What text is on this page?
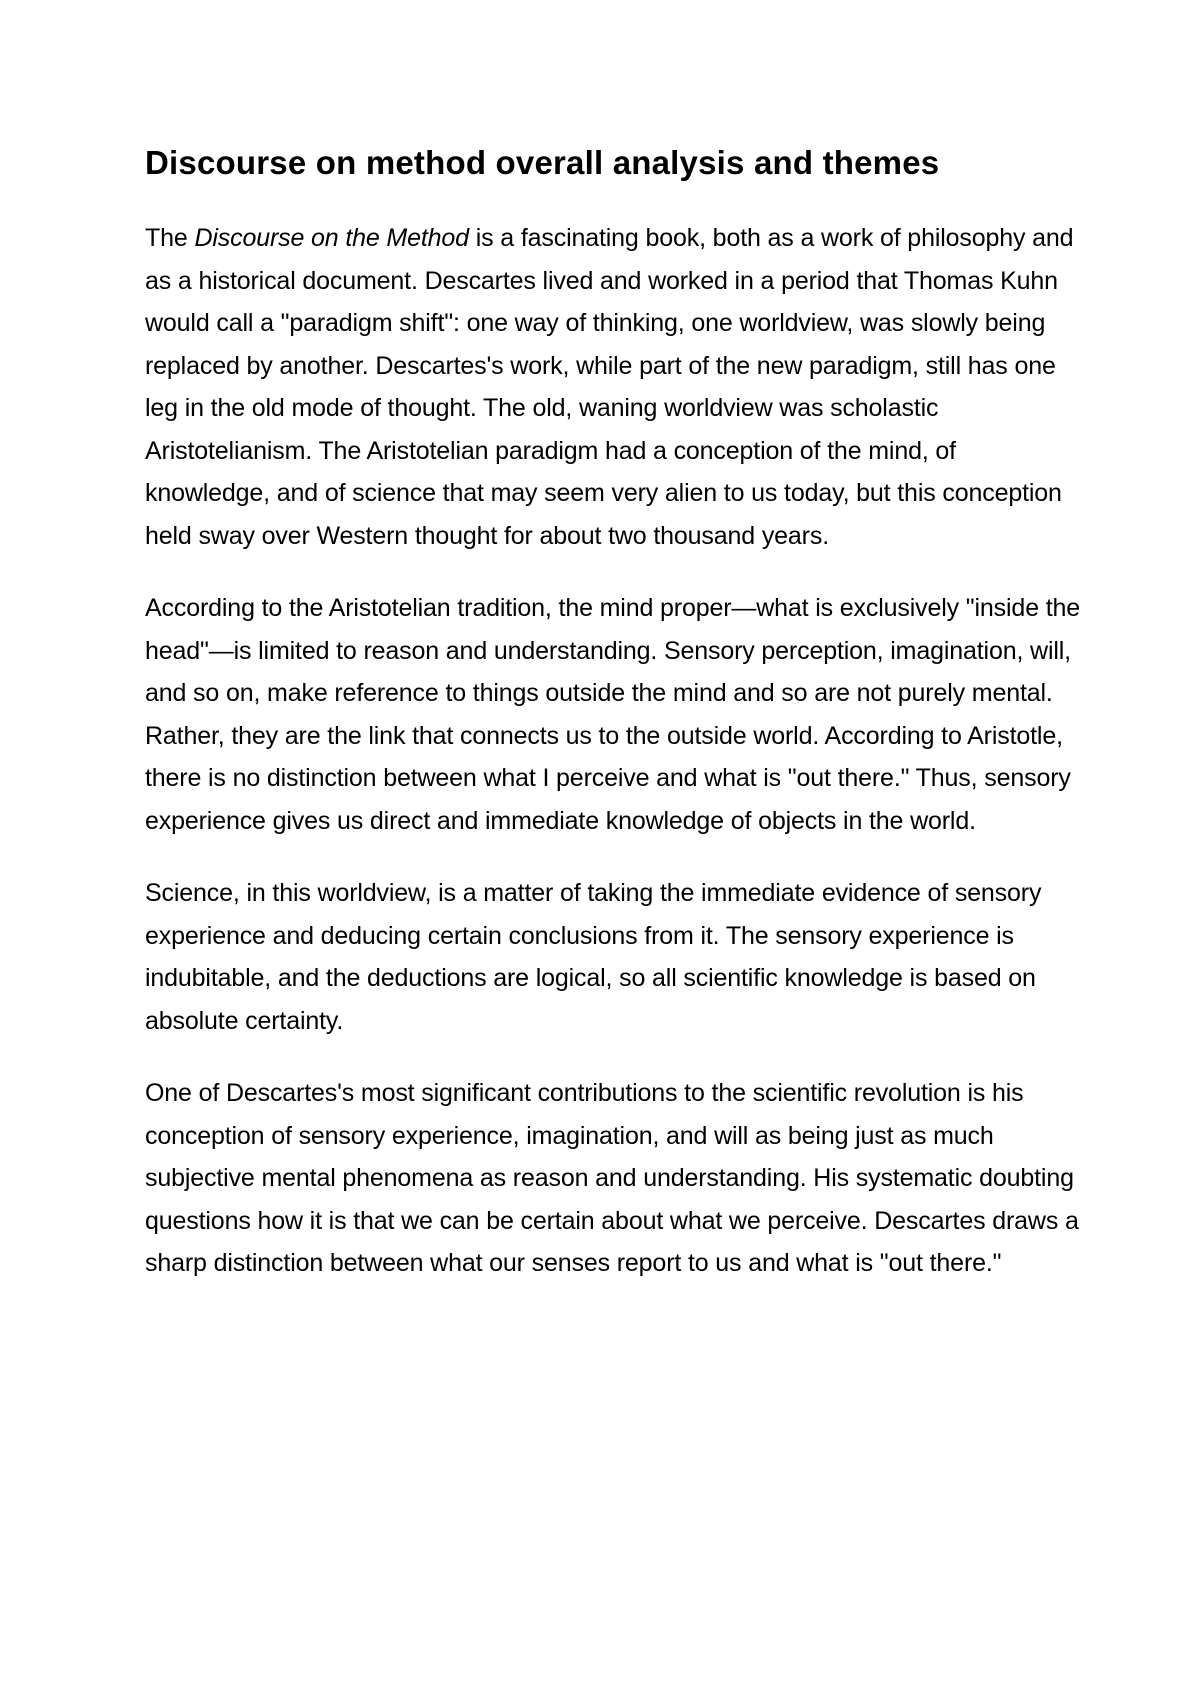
Discourse on method overall analysis and themes

The Discourse on the Method is a fascinating book, both as a work of philosophy and as a historical document. Descartes lived and worked in a period that Thomas Kuhn would call a "paradigm shift": one way of thinking, one worldview, was slowly being replaced by another. Descartes's work, while part of the new paradigm, still has one leg in the old mode of thought. The old, waning worldview was scholastic Aristotelianism. The Aristotelian paradigm had a conception of the mind, of knowledge, and of science that may seem very alien to us today, but this conception held sway over Western thought for about two thousand years.

According to the Aristotelian tradition, the mind proper—what is exclusively "inside the head"—is limited to reason and understanding. Sensory perception, imagination, will, and so on, make reference to things outside the mind and so are not purely mental. Rather, they are the link that connects us to the outside world. According to Aristotle, there is no distinction between what I perceive and what is "out there." Thus, sensory experience gives us direct and immediate knowledge of objects in the world.

Science, in this worldview, is a matter of taking the immediate evidence of sensory experience and deducing certain conclusions from it. The sensory experience is indubitable, and the deductions are logical, so all scientific knowledge is based on absolute certainty.

One of Descartes's most significant contributions to the scientific revolution is his conception of sensory experience, imagination, and will as being just as much subjective mental phenomena as reason and understanding. His systematic doubting questions how it is that we can be certain about what we perceive. Descartes draws a sharp distinction between what our senses report to us and what is "out there."
